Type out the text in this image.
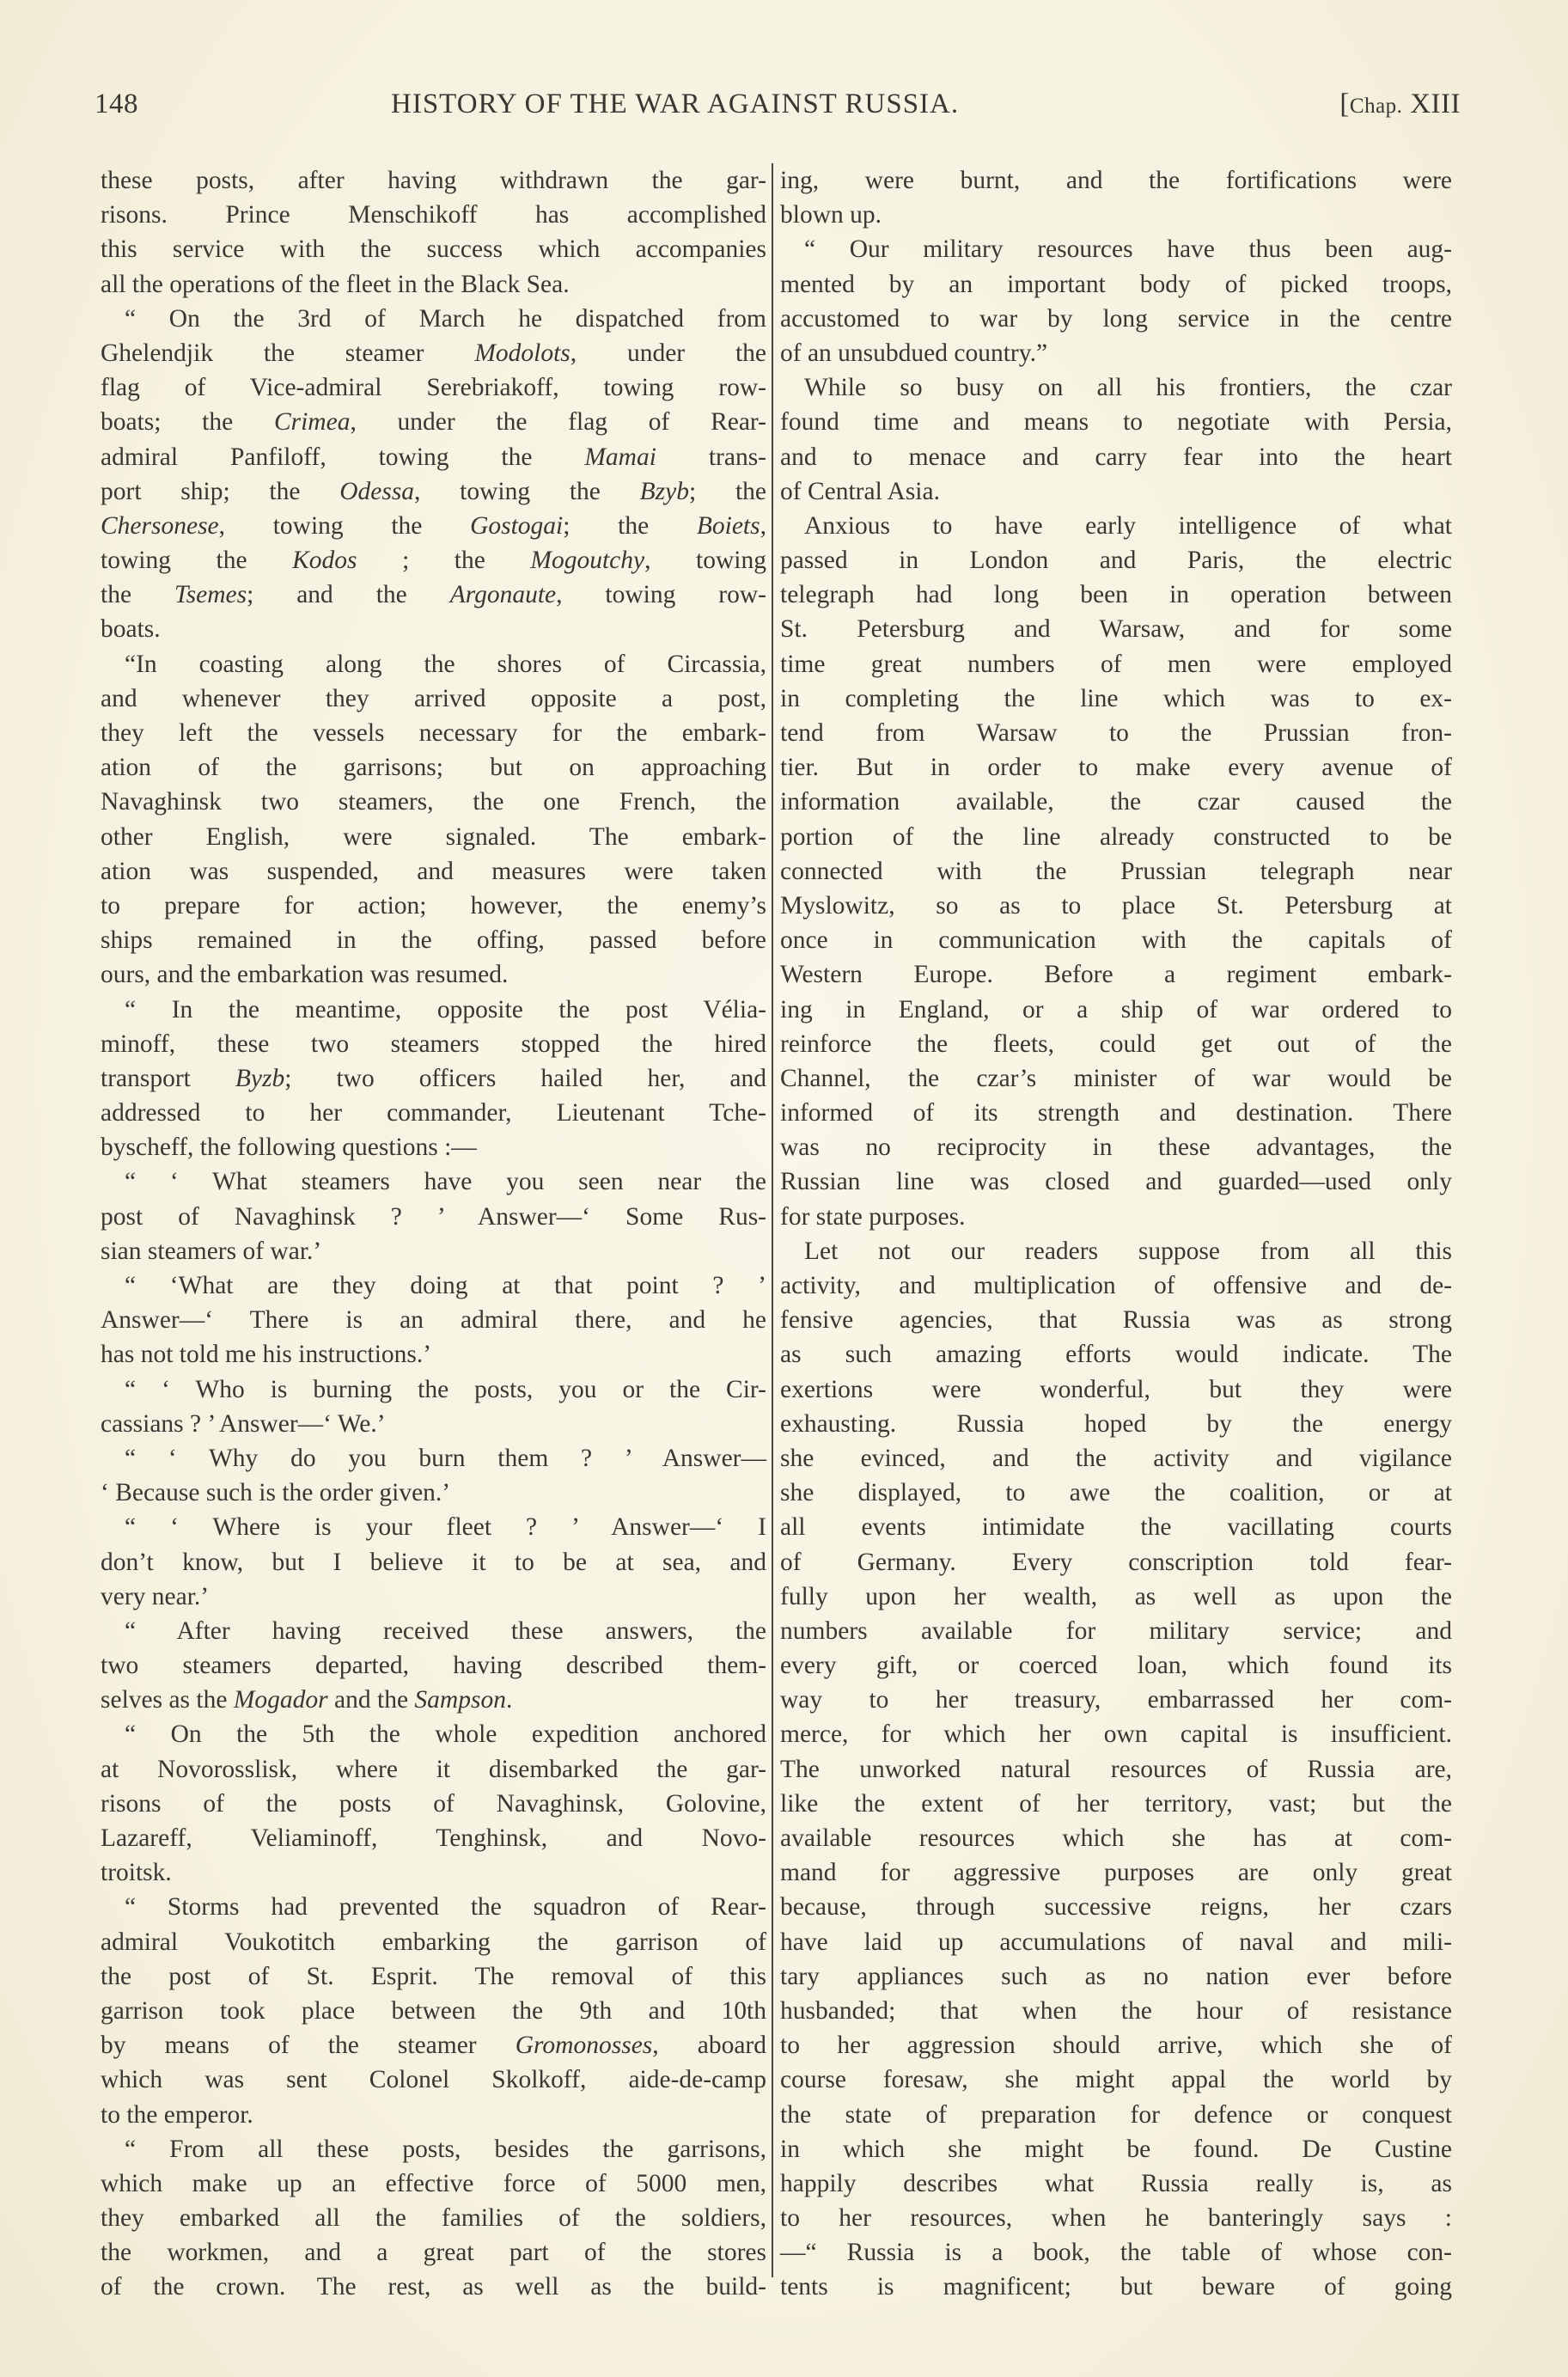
148	HISTORY OF THE WAR AGAINST RUSSIA.	[Chap. XIII
these posts, after having withdrawn the gar-
risons. Prince Menschikoff has accomplished
this service with the success which accompanies
all the operations of the fleet in the Black Sea.
“ On the 3rd of March he dispatched from
Ghelendjik the steamer Modolots, under the
flag of Vice-admiral Serebriakoff, towing row-
boats; the Crimea, under the flag of Rear-
admiral Panfiloff, towing the Mamai trans-
port ship; the Odessa, towing the Bzyb; the
Chersonese, towing the Gostogai; the Boiets,
towing the Kodos ; the Mogoutchy, towing
the Tsemes; and the Argonaute, towing row-
boats.
“In coasting along the shores of Circassia,
and whenever they arrived opposite a post,
they left the vessels necessary for the embark-
ation of the garrisons; but on approaching
Navaghinsk two steamers, the one French, the
other English, were signaled. The embark-
ation was suspended, and measures were taken
to prepare for action; however, the enemy’s
ships remained in the offing, passed before
ours, and the embarkation was resumed.
“ In the meantime, opposite the post Vélia-
minoff, these two steamers stopped the hired
transport Byzb; two officers hailed her, and
addressed to her commander, Lieutenant Tche-
byscheff, the following questions :—
“ ‘ What steamers have you seen near the
post of Navaghinsk ? ’ Answer—‘ Some Rus-
sian steamers of war.’
“ ‘What are they doing at that point ? ’
Answer—‘ There is an admiral there, and he
has not told me his instructions.’
“ ‘ Who is burning the posts, you or the Cir-
cassians ? ’ Answer—‘ We.’
“ ‘ Why do you burn them ? ’ Answer—
‘ Because such is the order given.’
“ ‘ Where is your fleet ? ’ Answer—‘ I
don’t know, but I believe it to be at sea, and
very near.’
“ After having received these answers, the
two steamers departed, having described them-
selves as the Mogador and the Sampson.
“ On the 5th the whole expedition anchored
at Novorosslisk, where it disembarked the gar-
risons of the posts of Navaghinsk, Golovine,
Lazareff, Veliaminoff, Tenghinsk, and Novo-
troitsk.
“ Storms had prevented the squadron of Rear-
admiral Voukotitch embarking the garrison of
the post of St. Esprit. The removal of this
garrison took place between the 9th and 10th
by means of the steamer Gromonosses, aboard
which was sent Colonel Skolkoff, aide-de-camp
to the emperor.
“ From all these posts, besides the garrisons,
which make up an effective force of 5000 men,
they embarked all the families of the soldiers,
the workmen, and a great part of the stores
of the crown. The rest, as well as the build-
ing, were burnt, and the fortifications were
blown up.
“ Our military resources have thus been aug-
mented by an important body of picked troops,
accustomed to war by long service in the centre
of an unsubdued country.”
While so busy on all his frontiers, the czar
found time and means to negotiate with Persia,
and to menace and carry fear into the heart
of Central Asia.
Anxious to have early intelligence of what
passed in London and Paris, the electric
telegraph had long been in operation between
St. Petersburg and Warsaw, and for some
time great numbers of men were employed
in completing the line which was to ex-
tend from Warsaw to the Prussian fron-
tier. But in order to make every avenue of
information available, the czar caused the
portion of the line already constructed to be
connected with the Prussian telegraph near
Myslowitz, so as to place St. Petersburg at
once in communication with the capitals of
Western Europe. Before a regiment embark-
ing in England, or a ship of war ordered to
reinforce the fleets, could get out of the
Channel, the czar’s minister of war would be
informed of its strength and destination. There
was no reciprocity in these advantages, the
Russian line was closed and guarded—used only
for state purposes.
Let not our readers suppose from all this
activity, and multiplication of offensive and de-
fensive agencies, that Russia was as strong
as such amazing efforts would indicate. The
exertions were wonderful, but they were
exhausting. Russia hoped by the energy
she evinced, and the activity and vigilance
she displayed, to awe the coalition, or at
all events intimidate the vacillating courts
of Germany. Every conscription told fear-
fully upon her wealth, as well as upon the
numbers available for military service; and
every gift, or coerced loan, which found its
way to her treasury, embarrassed her com-
merce, for which her own capital is insufficient.
The unworked natural resources of Russia are,
like the extent of her territory, vast; but the
available resources which she has at com-
mand for aggressive purposes are only great
because, through successive reigns, her czars
have laid up accumulations of naval and mili-
tary appliances such as no nation ever before
husbanded; that when the hour of resistance
to her aggression should arrive, which she of
course foresaw, she might appal the world by
the state of preparation for defence or conquest
in which she might be found. De Custine
happily describes what Russia really is, as
to her resources, when he banteringly says :
—“ Russia is a book, the table of whose con-
tents is magnificent; but beware of going
